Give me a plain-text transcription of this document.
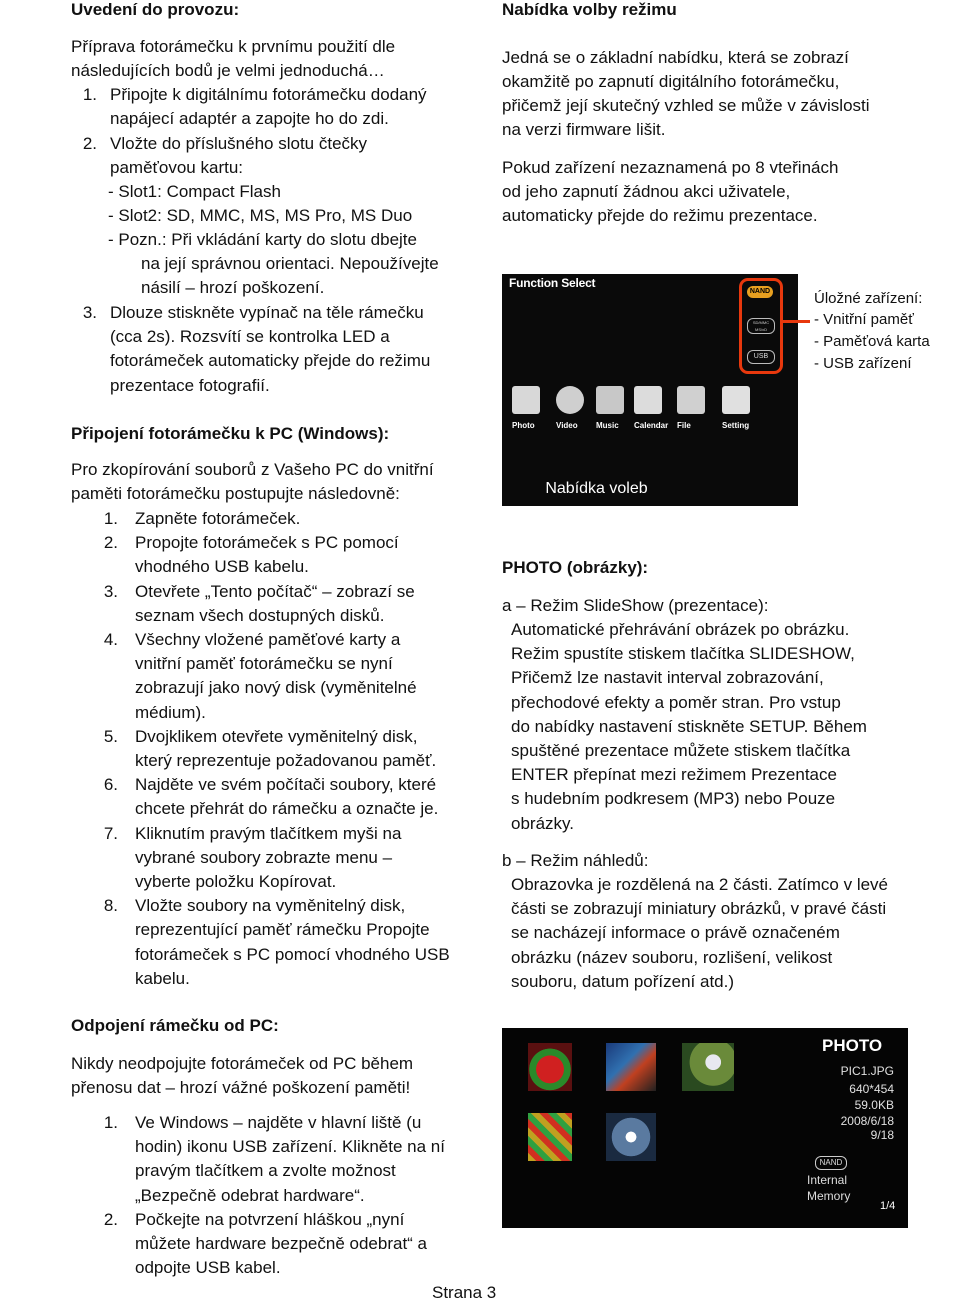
Uvedení do provozu:
Příprava fotorámečku k prvnímu použití dle
následujících bodů je velmi jednoduchá…
1. Připojte k digitálnímu fotorámečku dodaný
napájecí adaptér a zapojte ho do zdi.
2. Vložte do příslušného slotu čtečky
paměťovou kartu:
- Slot1: Compact Flash
- Slot2: SD, MMC, MS, MS Pro, MS Duo
- Pozn.: Při vkládání karty do slotu dbejte
na její správnou orientaci. Nepoužívejte
násilí – hrozí poškození.
3. Dlouze stiskněte vypínač na těle rámečku
(cca 2s). Rozsvítí se kontrolka LED a
fotorámeček automaticky přejde do režimu
prezentace fotografií.
Připojení fotorámečku k PC (Windows):
Pro zkopírování souborů z Vašeho PC do vnitřní
paměti fotorámečku postupujte následovně:
1. Zapněte fotorámeček.
2. Propojte fotorámeček s PC pomocí
vhodného USB kabelu.
3. Otevřete „Tento počítač“ – zobrazí se
seznam všech dostupných disků.
4. Všechny vložené paměťové karty a
vnitřní paměť fotorámečku se nyní
zobrazují jako nový disk (vyměnitelné
médium).
5. Dvojklikem otevřete vyměnitelný disk,
který reprezentuje požadovanou paměť.
6. Najděte ve svém počítači soubory, které
chcete přehrát do rámečku a označte je.
7. Kliknutím pravým tlačítkem myši na
vybrané soubory zobrazte menu –
vyberte položku Kopírovat.
8. Vložte soubory na vyměnitelný disk,
reprezentující paměť rámečku Propojte
fotorámeček s PC pomocí vhodného USB
kabelu.
Odpojení rámečku od PC:
Nikdy neodpojujte fotorámeček od PC během
přenosu dat – hrozí vážné poškození paměti!
1. Ve Windows – najděte v hlavní liště (u
hodin) ikonu USB zařízení. Klikněte na ní
pravým tlačítkem a zvolte možnost
„Bezpečně odebrat hardware“.
2. Počkejte na potvrzení hláškou „nyní
můžete hardware bezpečně odebrat“ a
odpojte USB kabel.
Nabídka volby režimu
Jedná se o základní nabídku, která se zobrazí
okamžitě po zapnutí digitálního fotorámečku,
přičemž její skutečný vzhled se může v závislosti
na verzi firmware lišit.
Pokud zařízení nezaznamená po 8 vteřinách
od jeho zapnutí žádnou akci uživatele,
automaticky přejde do režimu prezentace.
Function Select
NAND
SD/MMC MS/xD
USB
Photo	Video Music Calendar File	Setting
Nabídka voleb
Úložné zařízení:
- Vnitřní paměť
- Paměťová karta
- USB zařízení
PHOTO (obrázky):
a – Režim SlideShow (prezentace):
Automatické přehrávání obrázek po obrázku.
Režim spustíte stiskem tlačítka SLIDESHOW,
Přičemž lze nastavit interval zobrazování,
přechodové efekty a poměr stran. Pro vstup
do nabídky nastavení stiskněte SETUP. Během
spuštěné prezentace můžete stiskem tlačítka
ENTER přepínat mezi režimem Prezentace
s hudebním podkresem (MP3) nebo Pouze
obrázky.
b – Režim náhledů:
Obrazovka je rozdělená na 2 části. Zatímco v levé
části se zobrazují miniatury obrázků, v pravé části
se nacházejí informace o právě označeném
obrázku (název souboru, rozlišení, velikost
souboru, datum pořízení atd.)
PHOTO
PIC1.JPG
640*454
59.0KB
2008/6/18
9/18
NAND
Internal
Memory
1/4
Strana 3
